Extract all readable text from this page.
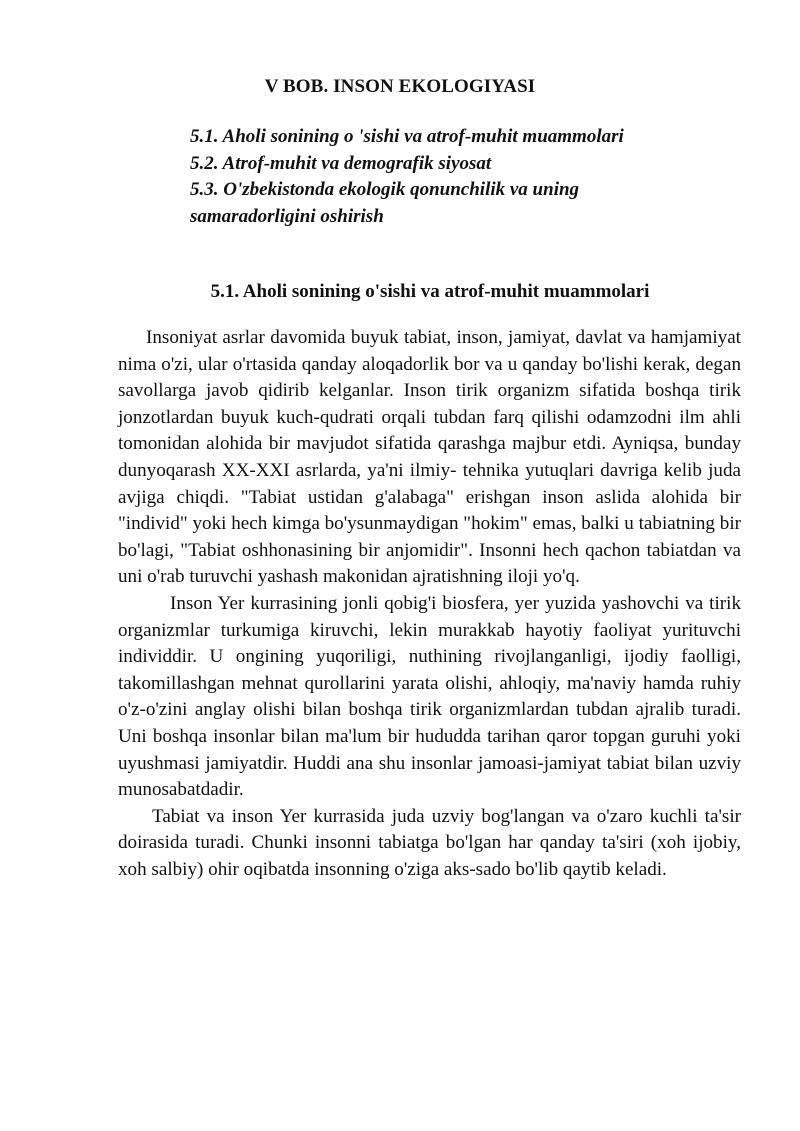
V BOB. INSON EKOLOGIYASI
5.1. Aholi sonining o 'sishi va atrof-muhit muammolari
5.2. Atrof-muhit va demografik siyosat
5.3. O'zbekistonda ekologik qonunchilik va uning samaradorligini oshirish
5.1. Aholi sonining o'sishi va atrof-muhit muammolari

Insoniyat asrlar davomida buyuk tabiat, inson, jamiyat, davlat va hamjamiyat nima o'zi, ular o'rtasida qanday aloqadorlik bor va u qanday bo'lishi kerak, degan savollarga javob qidirib kelganlar. Inson tirik organizm sifatida boshqa tirik jonzotlardan buyuk kuch-qudrati orqali tubdan farq qilishi odamzodni ilm ahli tomonidan alohida bir mavjudot sifatida qarashga majbur etdi. Ayniqsa, bunday dunyoqarash XX-XXI asrlarda, ya'ni ilmiy- tehnika yutuqlari davriga kelib juda avjiga chiqdi. "Tabiat ustidan g'alabaga" erishgan inson aslida alohida bir "individ" yoki hech kimga bo'ysunmaydigan "hokim" emas, balki u tabiatning bir bo'lagi, "Tabiat oshhonasining bir anjomidir". Insonni hech qachon tabiatdan va uni o'rab turuvchi yashash makonidan ajratishning iloji yo'q.

Inson Yer kurrasining jonli qobig'i biosfera, yer yuzida yashovchi va tirik organizmlar turkumiga kiruvchi, lekin murakkab hayotiy faoliyat yurituvchi individdir. U ongining yuqoriligi, nuthining rivojlanganligi, ijodiy faolligi, takomillashgan mehnat qurollarini yarata olishi, ahloqiy, ma'naviy hamda ruhiy o'z-o'zini anglay olishi bilan boshqa tirik organizmlardan tubdan ajralib turadi. Uni boshqa insonlar bilan ma'lum bir hududda tarihan qaror topgan guruhi yoki uyushmasi jamiyatdir. Huddi ana shu insonlar jamoasi-jamiyat tabiat bilan uzviy munosabatdadir.

Tabiat va inson Yer kurrasida juda uzviy bog'langan va o'zaro kuchli ta'sir doirasida turadi. Chunki insonni tabiatga bo'lgan har qanday ta'siri (xoh ijobiy, xoh salbiy) ohir oqibatda insonning o'ziga aks-sado bo'lib qaytib keladi.
